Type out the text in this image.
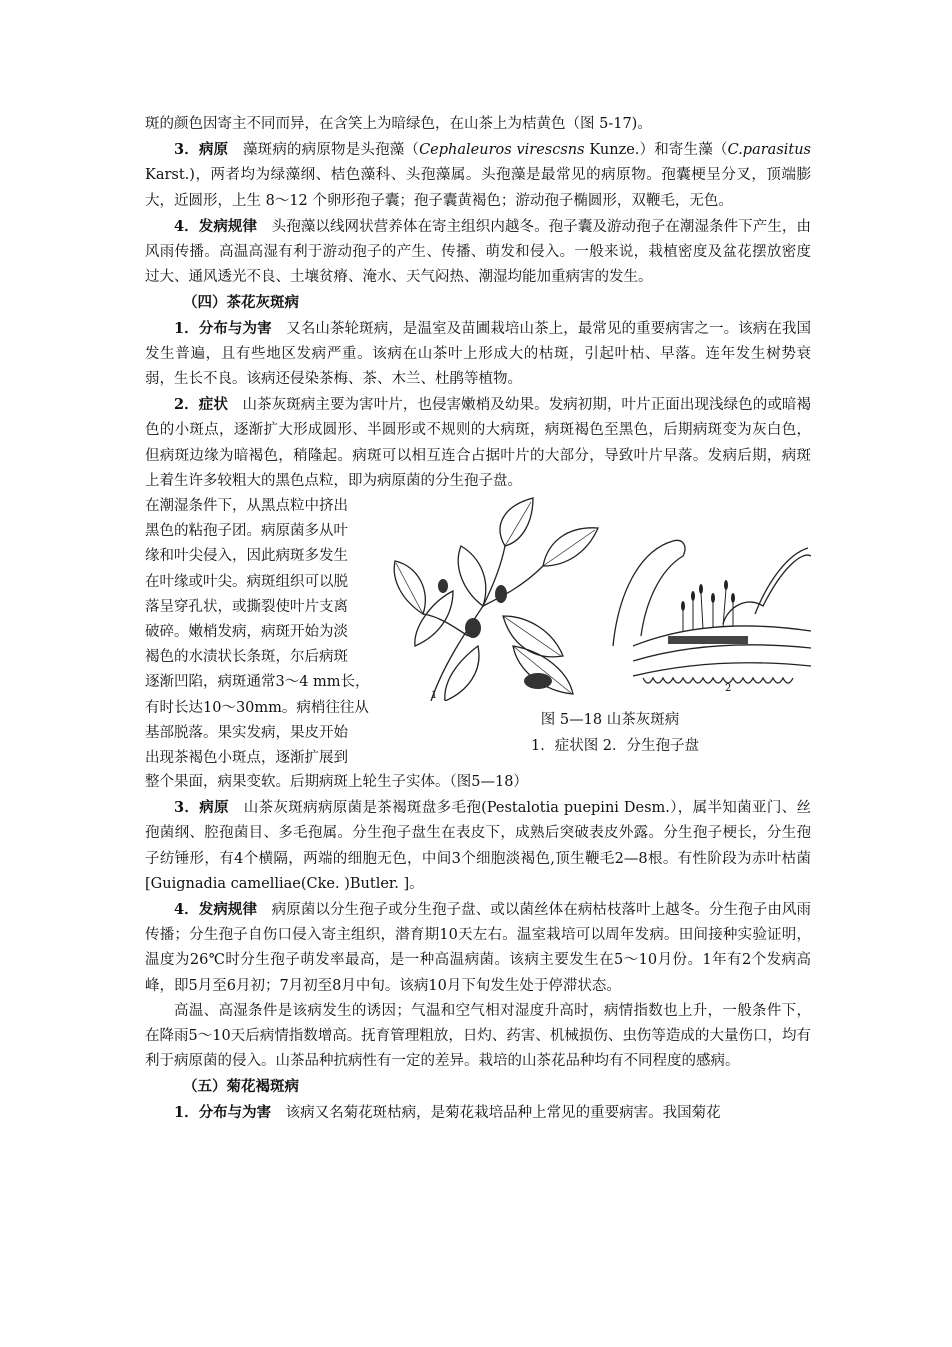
斑的颜色因寄主不同而异，在含笑上为暗绿色，在山茶上为桔黄色（图 5-17)。

3．病原　藻斑病的病原物是头孢藻（Cephaleuros virescsns Kunze.）和寄生藻（C.parasitus Karst.)，两者均为绿藻纲、桔色藻科、头孢藻属。头孢藻是最常见的病原物。孢囊梗呈分叉，顶端膨大，近圆形，上生 8～12 个卵形孢子囊；孢子囊黄褐色；游动孢子椭圆形，双鞭毛，无色。

4．发病规律　头孢藻以线网状营养体在寄主组织内越冬。孢子囊及游动孢子在潮湿条件下产生，由风雨传播。高温高湿有利于游动孢子的产生、传播、萌发和侵入。一般来说，栽植密度及盆花摆放密度过大、通风透光不良、土壤贫瘠、淹水、天气闷热、潮湿均能加重病害的发生。

（四）茶花灰斑病

1．分布与为害　又名山茶轮斑病，是温室及苗圃栽培山茶上，最常见的重要病害之一。该病在我国发生普遍，且有些地区发病严重。该病在山茶叶上形成大的枯斑，引起叶枯、早落。连年发生树势衰弱，生长不良。该病还侵染茶梅、茶、木兰、杜鹃等植物。

2．症状　山茶灰斑病主要为害叶片，也侵害嫩梢及幼果。发病初期，叶片正面出现浅绿色的或暗褐色的小斑点，逐渐扩大形成圆形、半圆形或不规则的大病斑，病斑褐色至黑色，后期病斑变为灰白色，但病斑边缘为暗褐色，稍隆起。病斑可以相互连合占据叶片的大部分，导致叶片早落。发病后期，病斑上着生许多较粗大的黑色点粒，即为病原菌的分生孢子盘。

在潮湿条件下，从黑点粒中挤出

黑色的粘孢子团。病原菌多从叶

缘和叶尖侵入，因此病斑多发生

在叶缘或叶尖。病斑组织可以脱

落呈穿孔状，或撕裂使叶片支离

破碎。嫩梢发病，病斑开始为淡

褐色的水渍状长条斑，尔后病斑

逐渐凹陷，病斑通常3～4 mm长，

有时长达10～30mm。病梢往往从

基部脱落。果实发病，果皮开始

出现茶褐色小斑点，逐渐扩展到

1
2
图 5—18 山茶灰斑病
1．症状图 2．分生孢子盘

整个果面，病果变软。后期病斑上轮生子实体。（图5—18）

3．病原　山茶灰斑病病原菌是茶褐斑盘多毛孢(Pestalotia puepini Desm.），属半知菌亚门、丝孢菌纲、腔孢菌目、多毛孢属。分生孢子盘生在表皮下，成熟后突破表皮外露。分生孢子梗长，分生孢子纺锤形，有4个横隔，两端的细胞无色，中间3个细胞淡褐色,顶生鞭毛2—8根。有性阶段为赤叶枯菌[Guignadia camelliae(Cke. )Butler. ]。

4．发病规律　病原菌以分生孢子或分生孢子盘、或以菌丝体在病枯枝落叶上越冬。分生孢子由风雨传播；分生孢子自伤口侵入寄主组织，潜育期10天左右。温室栽培可以周年发病。田间接种实验证明，温度为26℃时分生孢子萌发率最高，是一种高温病菌。该病主要发生在5～10月份。1年有2个发病高峰，即5月至6月初；7月初至8月中旬。该病10月下旬发生处于停滞状态。

高温、高湿条件是该病发生的诱因；气温和空气相对湿度升高时，病情指数也上升，一般条件下，在降雨5～10天后病情指数增高。抚育管理粗放，日灼、药害、机械损伤、虫伤等造成的大量伤口，均有利于病原菌的侵入。山茶品种抗病性有一定的差异。栽培的山茶花品种均有不同程度的感病。

（五）菊花褐斑病

1．分布与为害　该病又名菊花斑枯病，是菊花栽培品种上常见的重要病害。我国菊花
